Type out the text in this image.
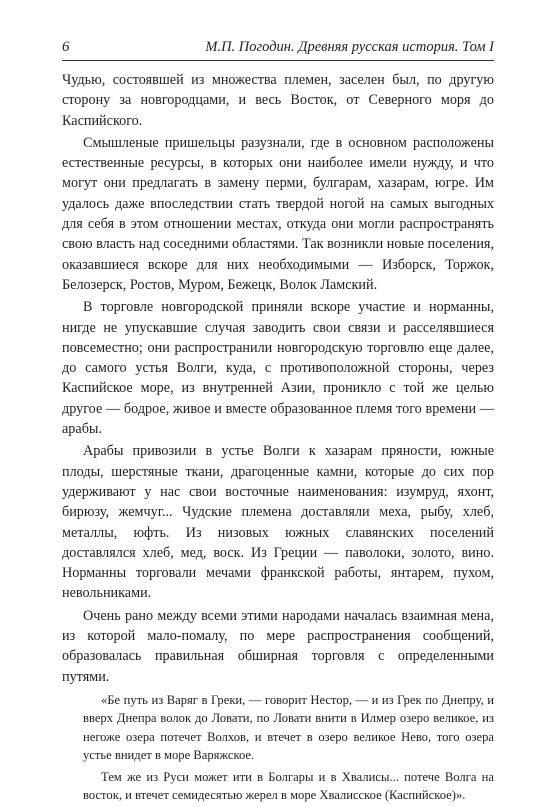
6	М.П. Погодин. Древняя русская история. Том I

Чудью, состоявшей из множества племен, заселен был, по другую сторону за новгородцами, и весь Восток, от Северного моря до Каспийского.

Смышленые пришельцы разузнали, где в основном расположены естественные ресурсы, в которых они наиболее имели нужду, и что могут они предлагать в замену перми, булгарам, хазарам, югре. Им удалось даже впоследствии стать твердой ногой на самых выгодных для себя в этом отношении местах, откуда они могли распространять свою власть над соседними областями. Так возникли новые поселения, оказавшиеся вскоре для них необходимыми — Изборск, Торжок, Белозерск, Ростов, Муром, Бежецк, Волок Ламский.

В торговле новгородской приняли вскоре участие и норманны, нигде не упускавшие случая заводить свои связи и расселявшиеся повсеместно; они распространили новгородскую торговлю еще далее, до самого устья Волги, куда, с противоположной стороны, через Каспийское море, из внутренней Азии, проникло с той же целью другое — бодрое, живое и вместе образованное племя того времени — арабы.

Арабы привозили в устье Волги к хазарам пряности, южные плоды, шерстяные ткани, драгоценные камни, которые до сих пор удерживают у нас свои восточные наименования: изумруд, яхонт, бирюзу, жемчуг... Чудские племена доставляли меха, рыбу, хлеб, металлы, юфть. Из низовых южных славянских поселений доставлялся хлеб, мед, воск. Из Греции — паволоки, золото, вино. Норманны торговали мечами франкской работы, янтарем, пухом, невольниками.

Очень рано между всеми этими народами началась взаимная мена, из которой мало-помалу, по мере распространения сообщений, образовалась правильная обширная торговля с определенными путями.

«Бе путь из Варяг в Греки, — говорит Нестор, — и из Грек по Днепру, и вверх Днепра волок до Ловати, по Ловати внити в Илмер озеро великое, из негоже озера потечет Волхов, и втечет в озеро великое Нево, того озера устье внидет в море Варяжское.

Тем же из Руси может ити в Болгары и в Хвалисы... потече Волга на восток, и втечет семидесятью жерел в море Хвалисское (Каспийское)».
